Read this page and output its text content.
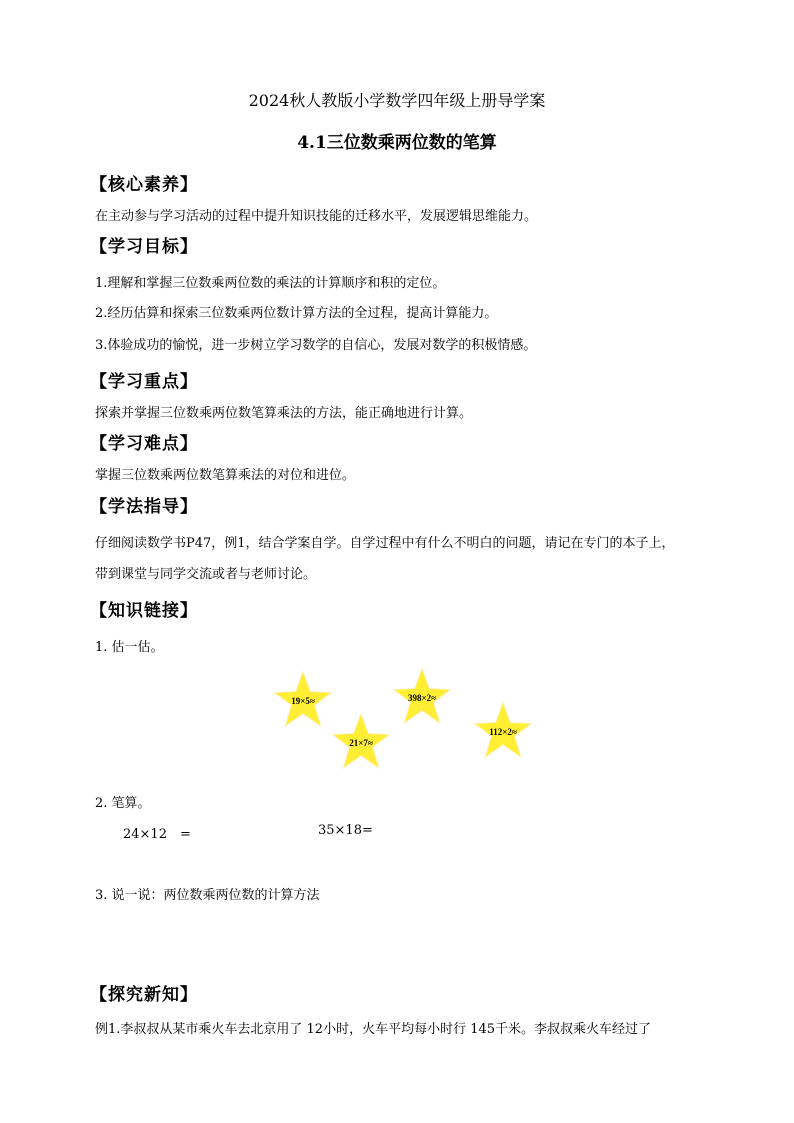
2024秋人教版小学数学四年级上册导学案
4.1三位数乘两位数的笔算
【核心素养】
在主动参与学习活动的过程中提升知识技能的迁移水平，发展逻辑思维能力。
【学习目标】
1.理解和掌握三位数乘两位数的乘法的计算顺序和积的定位。
2.经历估算和探索三位数乘两位数计算方法的全过程，提高计算能力。
3.体验成功的愉悦，进一步树立学习数学的自信心，发展对数学的积极情感。
【学习重点】
探索并掌握三位数乘两位数笔算乘法的方法，能正确地进行计算。
【学习难点】
掌握三位数乘两位数笔算乘法的对位和进位。
【学法指导】
仔细阅读数学书P47，例1，结合学案自学。自学过程中有什么不明白的问题，请记在专门的本子上，
带到课堂与同学交流或者与老师讨论。
【知识链接】
1. 估一估。
19×5≈	398×2≈
21×7≈
112×2≈
2. 笔算。
24×12　=	35×18=
3. 说一说：两位数乘两位数的计算方法
【探究新知】
例1.李叔叔从某市乘火车去北京用了 12小时，火车平均每小时行 145千米。李叔叔乘火车经过了
